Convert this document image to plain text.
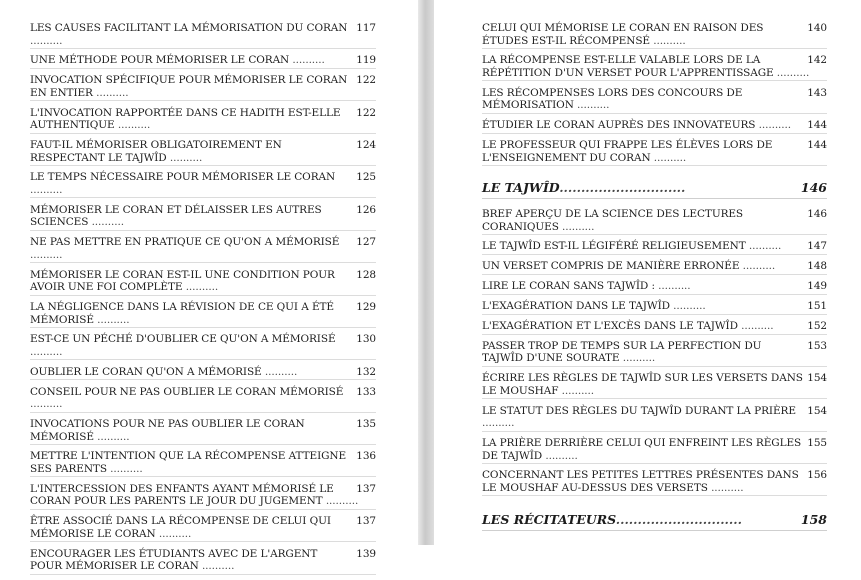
117
LES CAUSES FACILITANT LA MÉMORISATION DU CORAN ..........
119
UNE MÉTHODE POUR MÉMORISER LE CORAN ..........
122
INVOCATION SPÉCIFIQUE POUR MÉMORISER LE CORAN EN ENTIER ..........
122
L'INVOCATION RAPPORTÉE DANS CE HADITH EST-ELLE AUTHENTIQUE ..........
124
FAUT-IL MÉMORISER OBLIGATOIREMENT EN RESPECTANT LE TAJWÎD ..........
125
LE TEMPS NÉCESSAIRE POUR MÉMORISER LE CORAN ..........
126
MÉMORISER LE CORAN ET DÉLAISSER LES AUTRES SCIENCES ..........
127
NE PAS METTRE EN PRATIQUE CE QU'ON A MÉMORISÉ ..........
128
MÉMORISER LE CORAN EST-IL UNE CONDITION POUR AVOIR UNE FOI COMPLÈTE ..........
129
LA NÉGLIGENCE DANS LA RÉVISION DE CE QUI A ÉTÉ MÉMORISÉ ..........
130
EST-CE UN PÉCHÉ D'OUBLIER CE QU'ON A MÉMORISÉ ..........
132
OUBLIER LE CORAN QU'ON A MÉMORISÉ ..........
133
CONSEIL POUR NE PAS OUBLIER LE CORAN MÉMORISÉ ..........
135
INVOCATIONS POUR NE PAS OUBLIER LE CORAN MÉMORISÉ ..........
136
METTRE L'INTENTION QUE LA RÉCOMPENSE ATTEIGNE SES PARENTS ..........
137
L'INTERCESSION DES ENFANTS AYANT MÉMORISÉ LE CORAN POUR LES PARENTS LE JOUR DU JUGEMENT ..........
137
ÊTRE ASSOCIÉ DANS LA RÉCOMPENSE DE CELUI QUI MÉMORISE LE CORAN ..........
139
ENCOURAGER LES ÉTUDIANTS AVEC DE L'ARGENT POUR MÉMORISER LE CORAN ..........
140
CELUI QUI MÉMORISE LE CORAN EN RAISON DES ÉTUDES EST-IL RÉCOMPENSÉ ..........
142
LA RÉCOMPENSE EST-ELLE VALABLE LORS DE LA RÉPÉTITION D'UN VERSET POUR L'APPRENTISSAGE ..........
143
LES RÉCOMPENSES LORS DES CONCOURS DE MÉMORISATION ..........
144
ÉTUDIER LE CORAN AUPRÈS DES INNOVATEURS ..........
144
LE PROFESSEUR QUI FRAPPE LES ÉLÈVES LORS DE L'ENSEIGNEMENT DU CORAN ..........
146
LE TAJWÎD.............................
146
BREF APERÇU DE LA SCIENCE DES LECTURES CORANIQUES ..........
147
LE TAJWÎD EST-IL LÉGIFÉRÉ RELIGIEUSEMENT ..........
148
UN VERSET COMPRIS DE MANIÈRE ERRONÉE ..........
149
LIRE LE CORAN SANS TAJWÎD : ..........
151
L'EXAGÉRATION DANS LE TAJWÎD ..........
152
L'EXAGÉRATION ET L'EXCÈS DANS LE TAJWÎD ..........
153
PASSER TROP DE TEMPS SUR LA PERFECTION DU TAJWÎD D'UNE SOURATE ..........
154
ÉCRIRE LES RÈGLES DE TAJWÎD SUR LES VERSETS DANS LE MOUSHAF ..........
154
LE STATUT DES RÈGLES DU TAJWÎD DURANT LA PRIÈRE ..........
155
LA PRIÈRE DERRIÈRE CELUI QUI ENFREINT LES RÈGLES DE TAJWÎD ..........
156
CONCERNANT LES PETITES LETTRES PRÉSENTES DANS LE MOUSHAF AU-DESSUS DES VERSETS ..........
158
LES RÉCITATEURS.............................
